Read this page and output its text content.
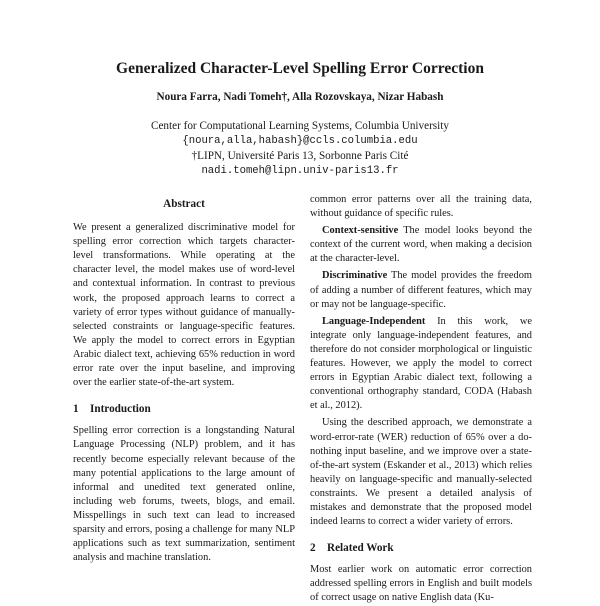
Generalized Character-Level Spelling Error Correction
Noura Farra, Nadi Tomeh†, Alla Rozovskaya, Nizar Habash
Center for Computational Learning Systems, Columbia University
{noura,alla,habash}@ccls.columbia.edu
†LIPN, Université Paris 13, Sorbonne Paris Cité
nadi.tomeh@lipn.univ-paris13.fr
Abstract

We present a generalized discriminative model for spelling error correction which targets character-level transformations. While operating at the character level, the model makes use of word-level and contextual information. In contrast to previous work, the proposed approach learns to correct a variety of error types without guidance of manually-selected constraints or language-specific features. We apply the model to correct errors in Egyptian Arabic dialect text, achieving 65% reduction in word error rate over the input baseline, and improving over the earlier state-of-the-art system.

1 Introduction

Spelling error correction is a longstanding Natural Language Processing (NLP) problem, and it has recently become especially relevant because of the many potential applications to the large amount of informal and unedited text generated online, including web forums, tweets, blogs, and email. Misspellings in such text can lead to increased sparsity and errors, posing a challenge for many NLP applications such as text summarization, sentiment analysis and machine translation.

common error patterns over all the training data, without guidance of specific rules.

Context-sensitive The model looks beyond the context of the current word, when making a decision at the character-level.

Discriminative The model provides the freedom of adding a number of different features, which may or may not be language-specific.

Language-Independent In this work, we integrate only language-independent features, and therefore do not consider morphological or linguistic features. However, we apply the model to correct errors in Egyptian Arabic dialect text, following a conventional orthography standard, CODA (Habash et al., 2012).

Using the described approach, we demonstrate a word-error-rate (WER) reduction of 65% over a do-nothing input baseline, and we improve over a state-of-the-art system (Eskander et al., 2013) which relies heavily on language-specific and manually-selected constraints. We present a detailed analysis of mistakes and demonstrate that the proposed model indeed learns to correct a wider variety of errors.

2 Related Work

Most earlier work on automatic error correction addressed spelling errors in English and built models of correct usage on native English data (Ku-
